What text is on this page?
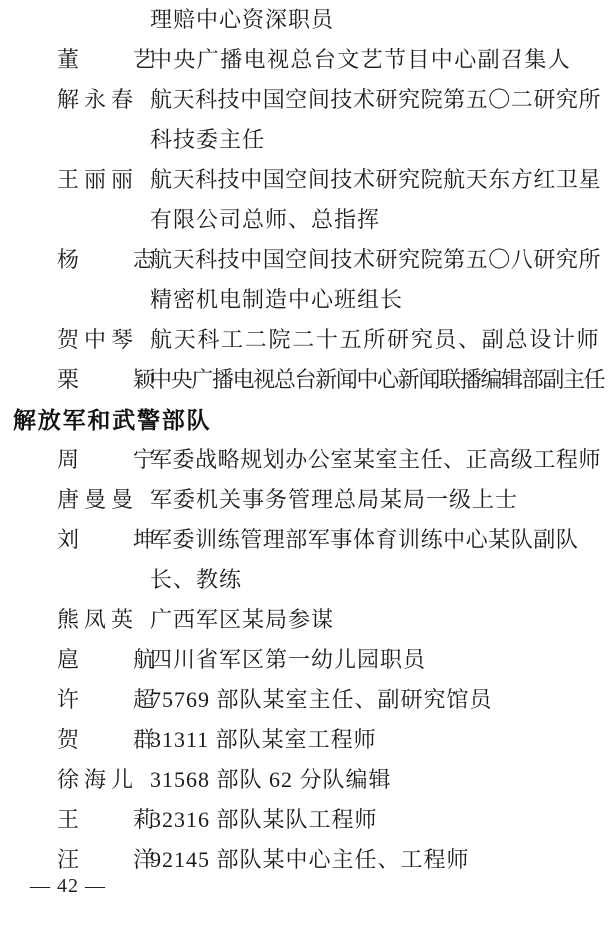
理赔中心资深职员
董 艺
中央广播电视总台文艺节目中心副召集人
解 永 春 航天科技中国空间技术研究院第五〇二研究所
科技委主任
王 丽 丽 航天科技中国空间技术研究院航天东方红卫星
有限公司总师、总指挥
杨 志
航天科技中国空间技术研究院第五〇八研究所
精密机电制造中心班组长
贺 中 琴 航天科工二院二十五所研究员、副总设计师
栗 颖
中央广播电视总台新闻中心新闻联播编辑部副主任
解放军和武警部队
周 宁
军委战略规划办公室某室主任、正高级工程师
唐 曼 曼 军委机关事务管理总局某局一级上士
刘 坤
军委训练管理部军事体育训练中心某队副队
长、教练
熊 凤 英 广西军区某局参谋
扈 航
四川省军区第一幼儿园职员
许 超
75769 部队某室主任、副研究馆员
贺 群
31311 部队某室工程师
徐 海 儿 31568 部队 62 分队编辑
王 莉
32316 部队某队工程师
汪 洋
92145 部队某中心主任、工程师
— 42 —
